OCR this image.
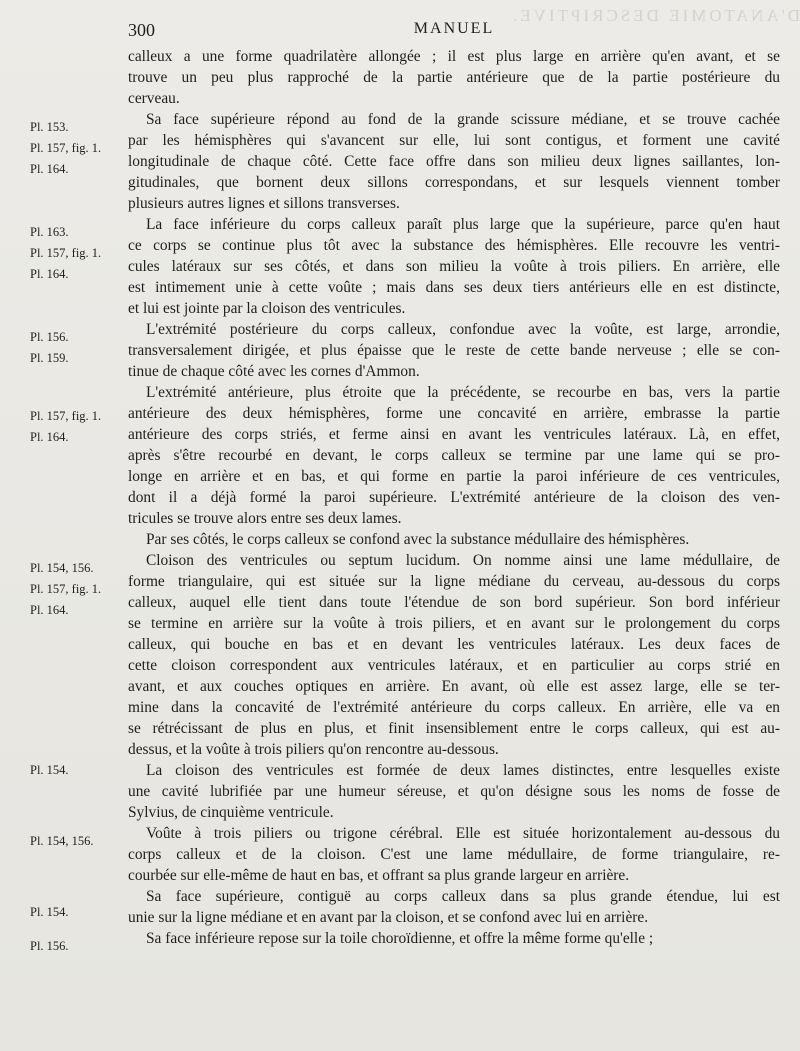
D'ANATOMIE DESCRIPTIVE.
300	MANUEL
calleux a une forme quadrilatère allongée ; il est plus large en arrière qu'en avant, et se
trouve un peu plus rapproché de la partie antérieure que de la partie postérieure du
cerveau.
Pl. 153.
Pl. 157, fig. 1.
Pl. 164.
Sa face supérieure répond au fond de la grande scissure médiane, et se trouve cachée
par les hémisphères qui s'avancent sur elle, lui sont contigus, et forment une cavité
longitudinale de chaque côté. Cette face offre dans son milieu deux lignes saillantes, lon-
gitudinales, que bornent deux sillons correspondans, et sur lesquels viennent tomber
plusieurs autres lignes et sillons transverses.
Pl. 163.
Pl. 157, fig. 1.
Pl. 164.
La face inférieure du corps calleux paraît plus large que la supérieure, parce qu'en haut
ce corps se continue plus tôt avec la substance des hémisphères. Elle recouvre les ventri-
cules latéraux sur ses côtés, et dans son milieu la voûte à trois piliers. En arrière, elle
est intimement unie à cette voûte ; mais dans ses deux tiers antérieurs elle en est distincte,
et lui est jointe par la cloison des ventricules.
Pl. 156.
Pl. 159.
L'extrémité postérieure du corps calleux, confondue avec la voûte, est large, arrondie,
transversalement dirigée, et plus épaisse que le reste de cette bande nerveuse ; elle se con-
tinue de chaque côté avec les cornes d'Ammon.
Pl. 157, fig. 1.
Pl. 164.
L'extrémité antérieure, plus étroite que la précédente, se recourbe en bas, vers la partie
antérieure des deux hémisphères, forme une concavité en arrière, embrasse la partie
antérieure des corps striés, et ferme ainsi en avant les ventricules latéraux. Là, en effet,
après s'être recourbé en devant, le corps calleux se termine par une lame qui se pro-
longe en arrière et en bas, et qui forme en partie la paroi inférieure de ces ventricules,
dont il a déjà formé la paroi supérieure. L'extrémité antérieure de la cloison des ven-
tricules se trouve alors entre ses deux lames.
Par ses côtés, le corps calleux se confond avec la substance médullaire des hémisphères.
Pl. 154, 156.
Pl. 157, fig. 1.
Pl. 164.
Cloison des ventricules ou septum lucidum. On nomme ainsi une lame médullaire, de
forme triangulaire, qui est située sur la ligne médiane du cerveau, au-dessous du corps
calleux, auquel elle tient dans toute l'étendue de son bord supérieur. Son bord inférieur
se termine en arrière sur la voûte à trois piliers, et en avant sur le prolongement du corps
calleux, qui bouche en bas et en devant les ventricules latéraux. Les deux faces de
cette cloison correspondent aux ventricules latéraux, et en particulier au corps strié en
avant, et aux couches optiques en arrière. En avant, où elle est assez large, elle se ter-
mine dans la concavité de l'extrémité antérieure du corps calleux. En arrière, elle va en
se rétrécissant de plus en plus, et finit insensiblement entre le corps calleux, qui est au-
dessus, et la voûte à trois piliers qu'on rencontre au-dessous.
Pl. 154.	La cloison des ventricules est formée de deux lames distinctes, entre lesquelles existe
une cavité lubrifiée par une humeur séreuse, et qu'on désigne sous les noms de fosse de
Sylvius, de cinquième ventricule.
Pl. 154, 156.	Voûte à trois piliers ou trigone cérébral. Elle est située horizontalement au-dessous du
corps calleux et de la cloison. C'est une lame médullaire, de forme triangulaire, re-
courbée sur elle-même de haut en bas, et offrant sa plus grande largeur en arrière.
Pl. 154.
Sa face supérieure, contiguë au corps calleux dans sa plus grande étendue, lui est
unie sur la ligne médiane et en avant par la cloison, et se confond avec lui en arrière.
Pl. 156.	Sa face inférieure repose sur la toile choroïdienne, et offre la même forme qu'elle ;
